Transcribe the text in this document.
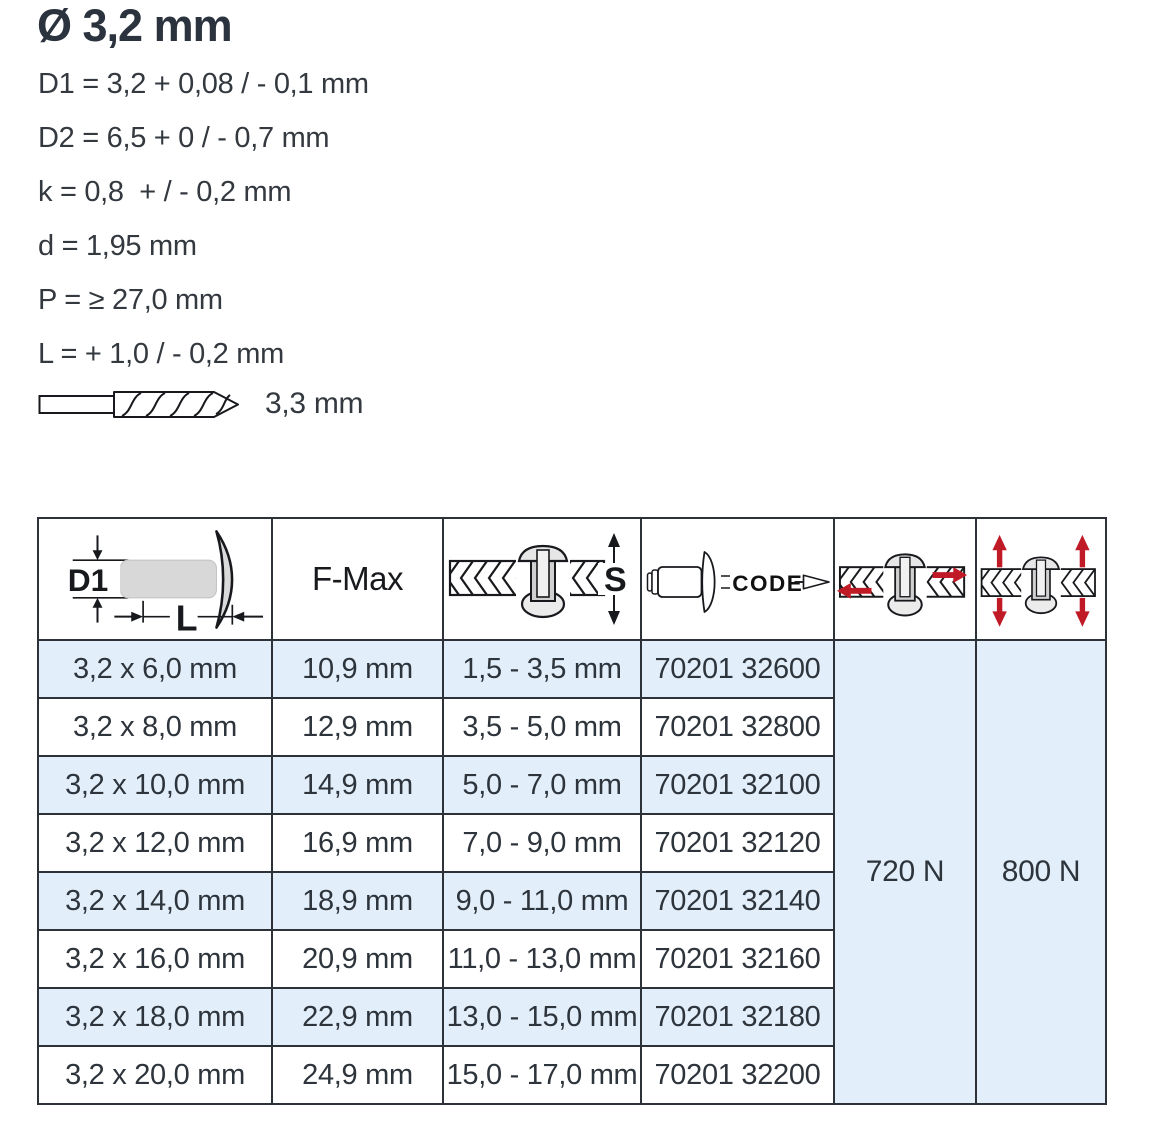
Ø 3,2 mm
D1 = 3,2 + 0,08 / - 0,1 mm
D2 = 6,5 + 0 / - 0,7 mm
k = 0,8  + / - 0,2 mm
d = 1,95 mm
P = ≥ 27,0 mm
L = + 1,0 / - 0,2 mm
3,3 mm
D1
L	F-Max	S	CODE

3,2 x 6,0 mm	10,9 mm	1,5 - 3,5 mm	70201 32600	720 N	800 N
3,2 x 8,0 mm	12,9 mm	3,5 - 5,0 mm	70201 32800		
3,2 x 10,0 mm	14,9 mm	5,0 - 7,0 mm	70201 32100		
3,2 x 12,0 mm	16,9 mm	7,0 - 9,0 mm	70201 32120		
3,2 x 14,0 mm	18,9 mm	9,0 - 11,0 mm	70201 32140		
3,2 x 16,0 mm	20,9 mm	11,0 - 13,0 mm	70201 32160		
3,2 x 18,0 mm	22,9 mm	13,0 - 15,0 mm	70201 32180		
3,2 x 20,0 mm	24,9 mm	15,0 - 17,0 mm	70201 32200		
